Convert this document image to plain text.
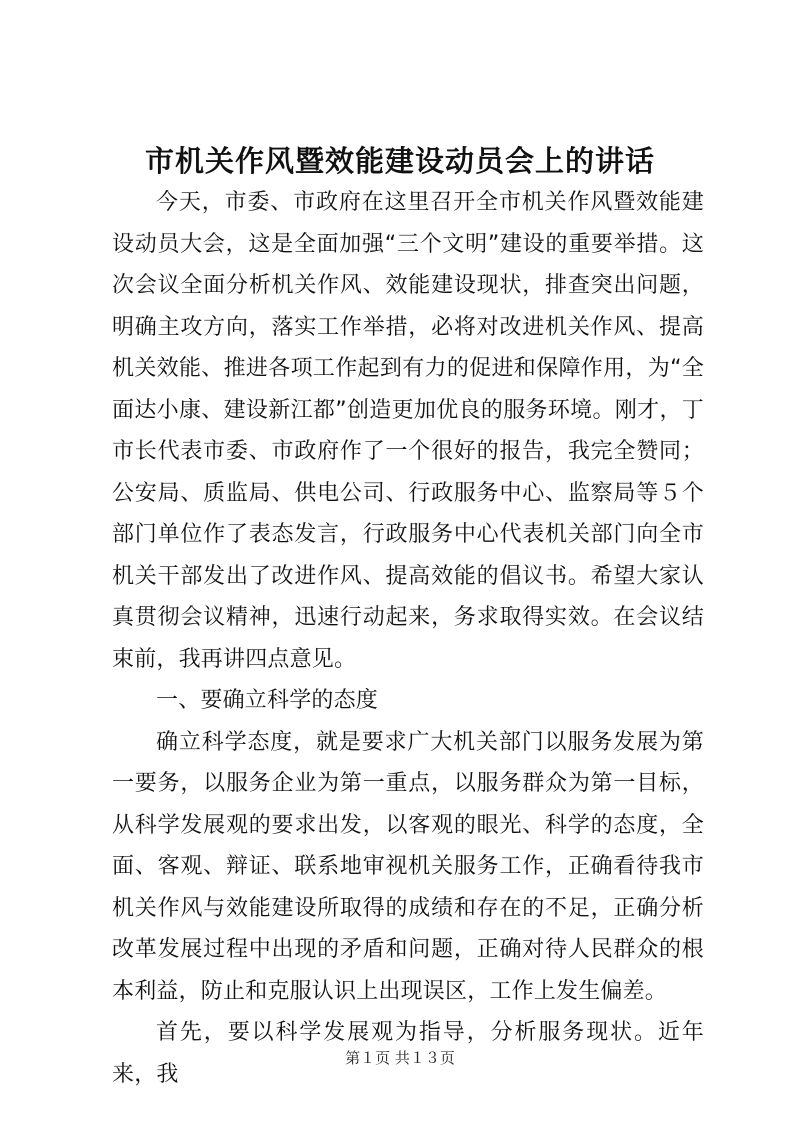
市机关作风暨效能建设动员会上的讲话

今天，市委、市政府在这里召开全市机关作风暨效能建设动员大会，这是全面加强“三个文明”建设的重要举措。这次会议全面分析机关作风、效能建设现状，排查突出问题，明确主攻方向，落实工作举措，必将对改进机关作风、提高机关效能、推进各项工作起到有力的促进和保障作用，为“全面达小康、建设新江都”创造更加优良的服务环境。刚才，丁市长代表市委、市政府作了一个很好的报告，我完全赞同；公安局、质监局、供电公司、行政服务中心、监察局等５个部门单位作了表态发言，行政服务中心代表机关部门向全市机关干部发出了改进作风、提高效能的倡议书。希望大家认真贯彻会议精神，迅速行动起来，务求取得实效。在会议结束前，我再讲四点意见。

一、要确立科学的态度

确立科学态度，就是要求广大机关部门以服务发展为第一要务，以服务企业为第一重点，以服务群众为第一目标，从科学发展观的要求出发，以客观的眼光、科学的态度，全面、客观、辩证、联系地审视机关服务工作，正确看待我市机关作风与效能建设所取得的成绩和存在的不足，正确分析改革发展过程中出现的矛盾和问题，正确对待人民群众的根本利益，防止和克服认识上出现误区，工作上发生偏差。

首先，要以科学发展观为指导，分析服务现状。近年来，我

第１页 共１３页
